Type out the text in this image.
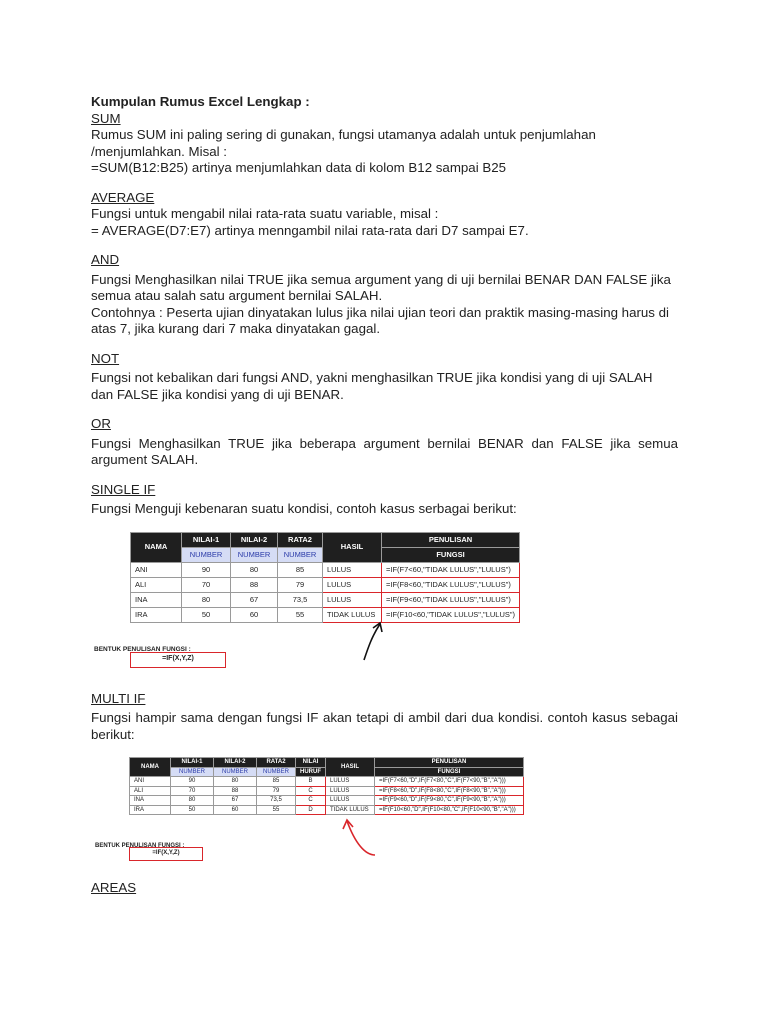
Kumpulan Rumus Excel Lengkap :
SUM
Rumus SUM ini paling sering di gunakan, fungsi utamanya adalah untuk penjumlahan
/menjumlahkan. Misal :
=SUM(B12:B25) artinya menjumlahkan data di kolom B12 sampai B25
AVERAGE
Fungsi untuk mengabil nilai rata-rata suatu variable, misal :
= AVERAGE(D7:E7) artinya menngambil nilai rata-rata dari D7 sampai E7.
AND
Fungsi Menghasilkan nilai TRUE jika semua argument yang di uji bernilai BENAR DAN FALSE jika semua atau salah satu argument bernilai SALAH.
Contohnya : Peserta ujian dinyatakan lulus jika nilai ujian teori dan praktik masing-masing harus di atas 7, jika kurang dari 7 maka dinyatakan gagal.
NOT
Fungsi not kebalikan dari fungsi AND, yakni menghasilkan TRUE jika kondisi yang di uji SALAH dan FALSE jika kondisi yang di uji BENAR.
OR
Fungsi Menghasilkan TRUE jika beberapa argument bernilai BENAR dan FALSE jika semua argument SALAH.
SINGLE IF
Fungsi Menguji kebenaran suatu kondisi, contoh kasus serbagai berikut:
NAMA	NILAI-1	NILAI-2	RATA2	HASIL	PENULISAN
	NUMBER	NUMBER	NUMBER		FUNGSI
ANI	90	80	85	LULUS	=IF(F7<60,"TIDAK LULUS","LULUS")
ALI	70	88	79	LULUS	=IF(F8<60,"TIDAK LULUS","LULUS")
INA	80	67	73,5	LULUS	=IF(F9<60,"TIDAK LULUS","LULUS")
IRA	50	60	55	TIDAK LULUS	=IF(F10<60,"TIDAK LULUS","LULUS")
BENTUK PENULISAN FUNGSI :
=IF(X,Y,Z)
MULTI IF
Fungsi hampir sama dengan fungsi IF akan tetapi di ambil dari dua kondisi. contoh kasus sebagai berikut:
NAMA	NILAI-1	NILAI-2	RATA2	NILAI	HASIL	PENULISAN
	NUMBER	NUMBER	NUMBER	HURUF		FUNGSI
ANI	90	80	85	B	LULUS	=IF(F7<60,"D",IF(F7<80,"C",IF(F7<90,"B","A")))
ALI	70	88	79	C	LULUS	=IF(F8<60,"D",IF(F8<80,"C",IF(F8<90,"B","A")))
INA	80	67	73,5	C	LULUS	=IF(F9<60,"D",IF(F9<80,"C",IF(F9<90,"B","A")))
IRA	50	60	55	D	TIDAK LULUS	=IF(F10<60,"D",IF(F10<80,"C",IF(F10<90,"B","A")))
BENTUK PENULISAN FUNGSI :
=IF(X,Y,Z)
AREAS
